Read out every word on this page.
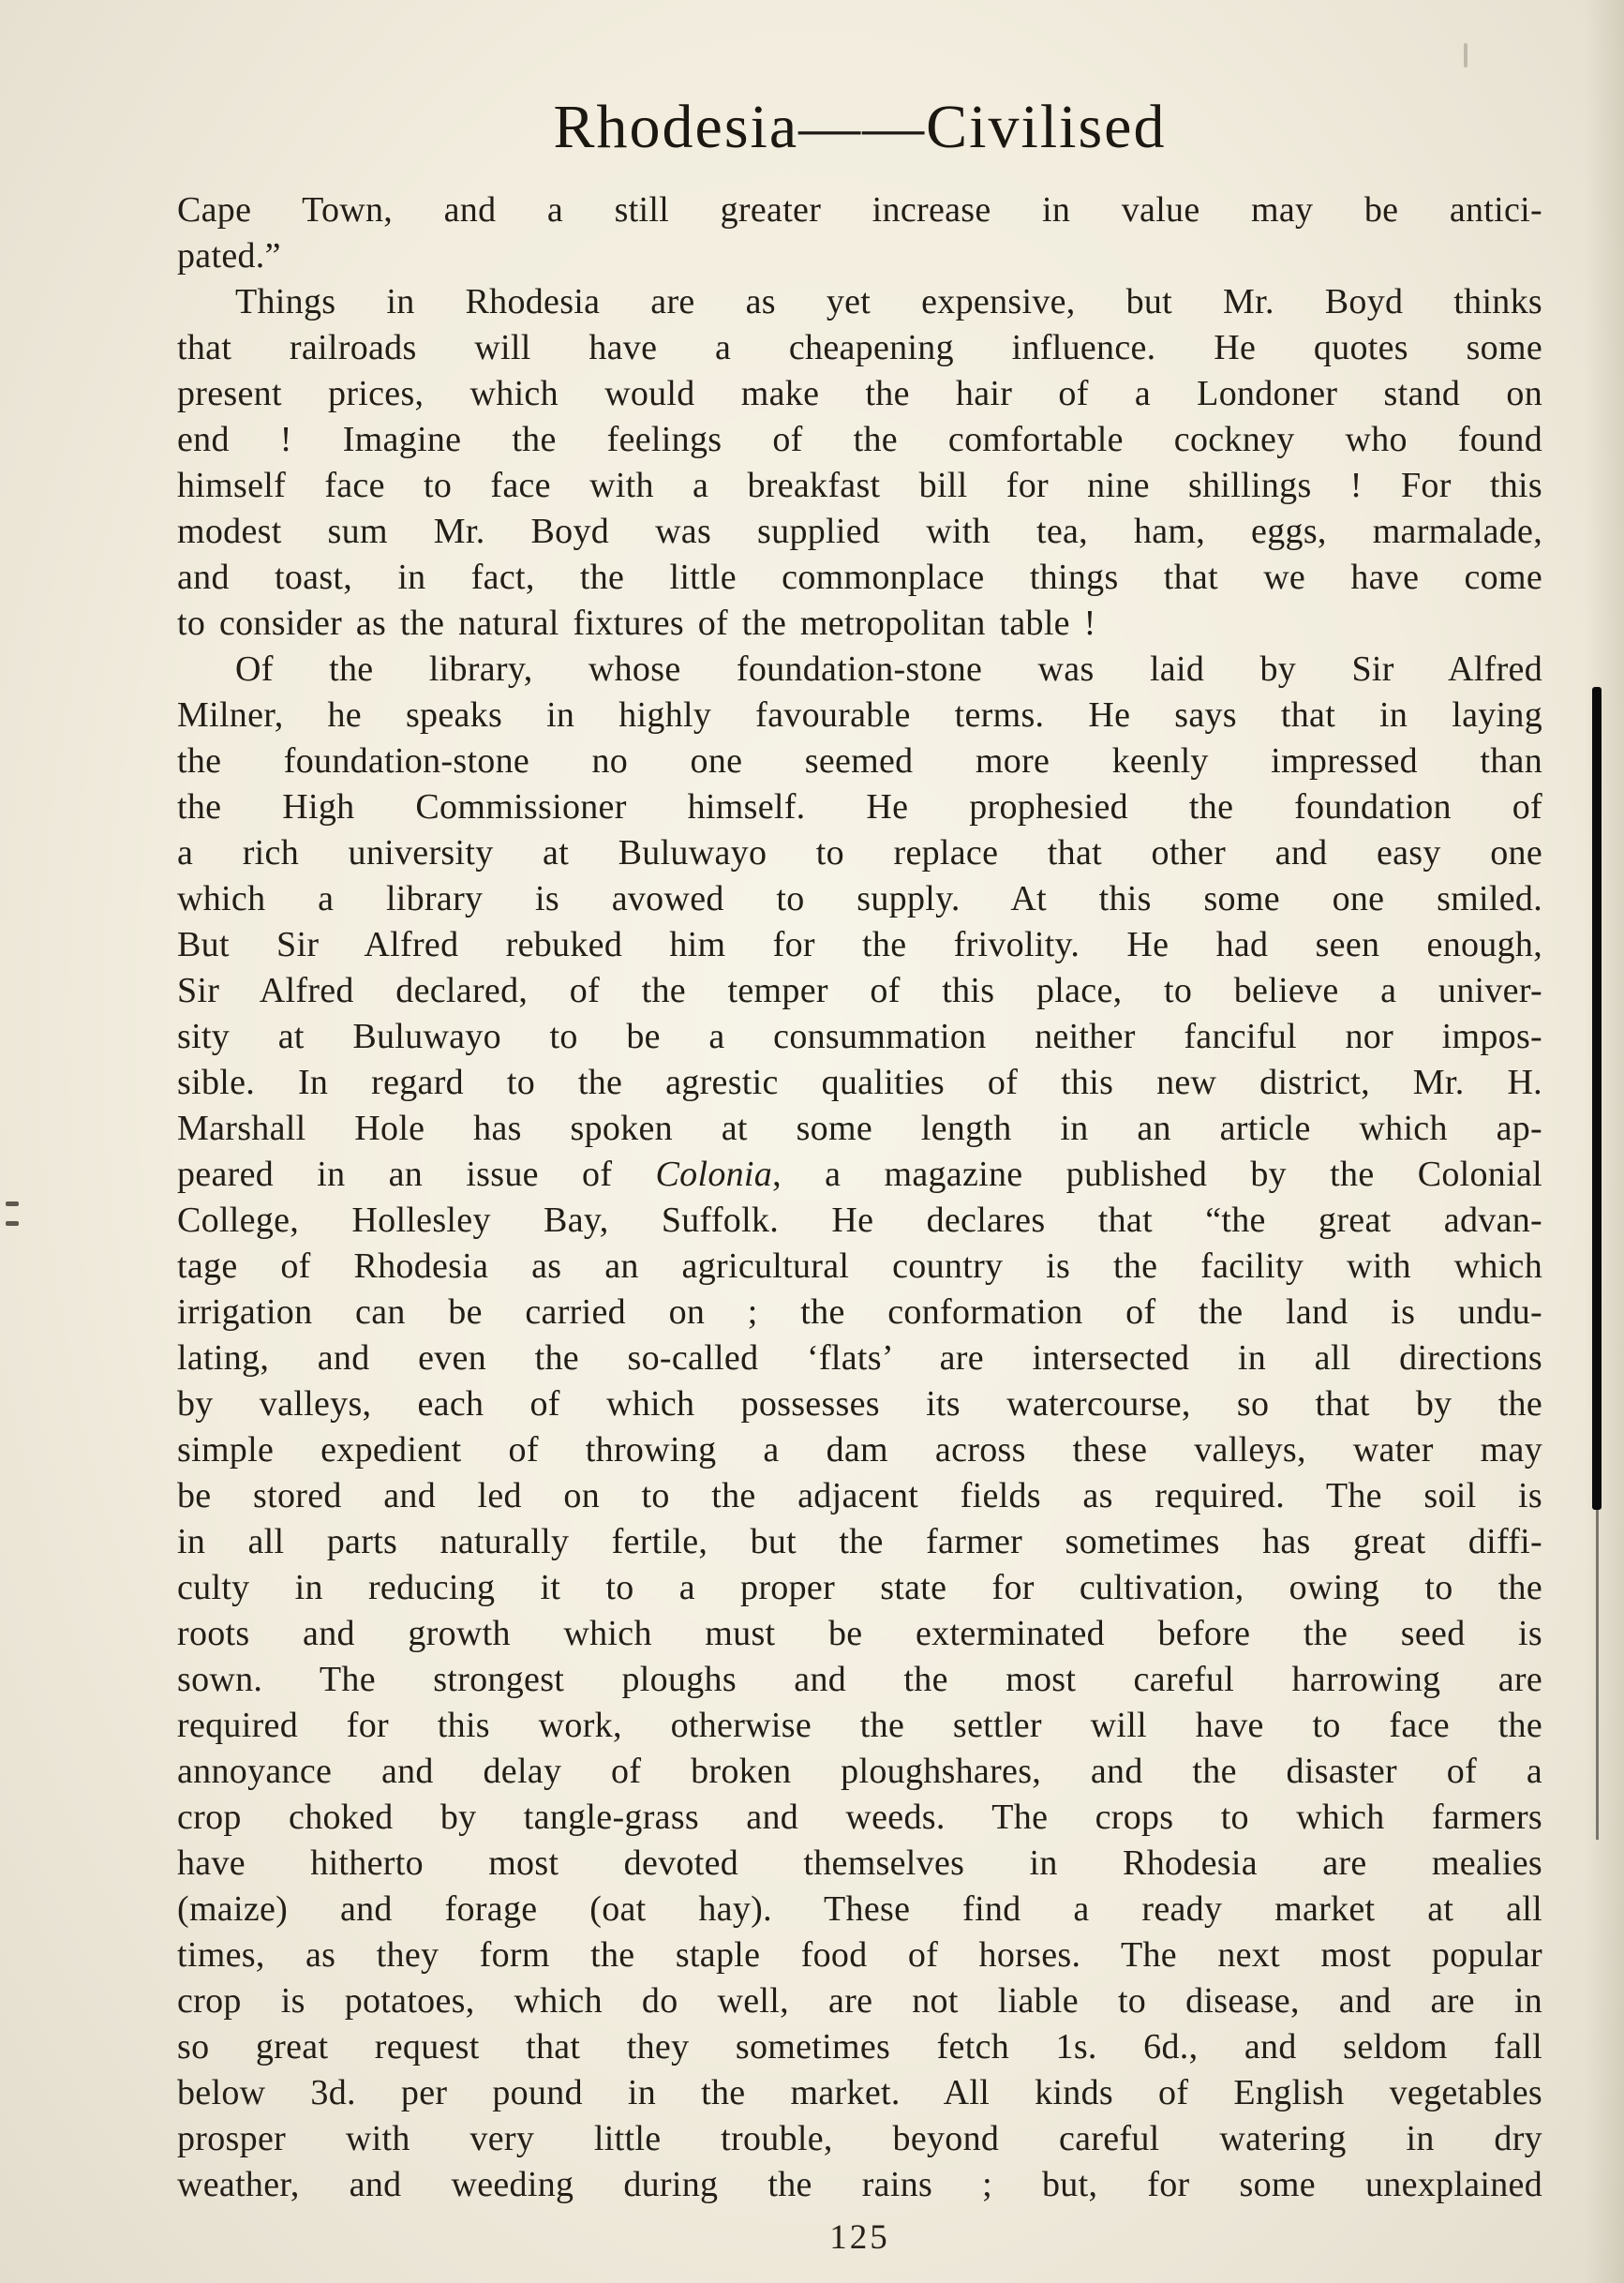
Rhodesia——Civilised
Cape Town, and a still greater increase in value may be antici-
pated.”
Things in Rhodesia are as yet expensive, but Mr. Boyd thinks
that railroads will have a cheapening influence. He quotes some
present prices, which would make the hair of a Londoner stand on
end ! Imagine the feelings of the comfortable cockney who found
himself face to face with a breakfast bill for nine shillings ! For this
modest sum Mr. Boyd was supplied with tea, ham, eggs, marmalade,
and toast, in fact, the little commonplace things that we have come
to consider as the natural fixtures of the metropolitan table !
Of the library, whose foundation-stone was laid by Sir Alfred
Milner, he speaks in highly favourable terms. He says that in laying
the foundation-stone no one seemed more keenly impressed than
the High Commissioner himself. He prophesied the foundation of
a rich university at Buluwayo to replace that other and easy one
which a library is avowed to supply. At this some one smiled.
But Sir Alfred rebuked him for the frivolity. He had seen enough,
Sir Alfred declared, of the temper of this place, to believe a univer-
sity at Buluwayo to be a consummation neither fanciful nor impos-
sible. In regard to the agrestic qualities of this new district, Mr. H.
Marshall Hole has spoken at some length in an article which ap-
peared in an issue of Colonia, a magazine published by the Colonial
College, Hollesley Bay, Suffolk. He declares that “the great advan-
tage of Rhodesia as an agricultural country is the facility with which
irrigation can be carried on ; the conformation of the land is undu-
lating, and even the so-called ‘flats’ are intersected in all directions
by valleys, each of which possesses its watercourse, so that by the
simple expedient of throwing a dam across these valleys, water may
be stored and led on to the adjacent fields as required. The soil is
in all parts naturally fertile, but the farmer sometimes has great diffi-
culty in reducing it to a proper state for cultivation, owing to the
roots and growth which must be exterminated before the seed is
sown. The strongest ploughs and the most careful harrowing are
required for this work, otherwise the settler will have to face the
annoyance and delay of broken ploughshares, and the disaster of a
crop choked by tangle-grass and weeds. The crops to which farmers
have hitherto most devoted themselves in Rhodesia are mealies
(maize) and forage (oat hay). These find a ready market at all
times, as they form the staple food of horses. The next most popular
crop is potatoes, which do well, are not liable to disease, and are in
so great request that they sometimes fetch 1s. 6d., and seldom fall
below 3d. per pound in the market. All kinds of English vegetables
prosper with very little trouble, beyond careful watering in dry
weather, and weeding during the rains ; but, for some unexplained
125
